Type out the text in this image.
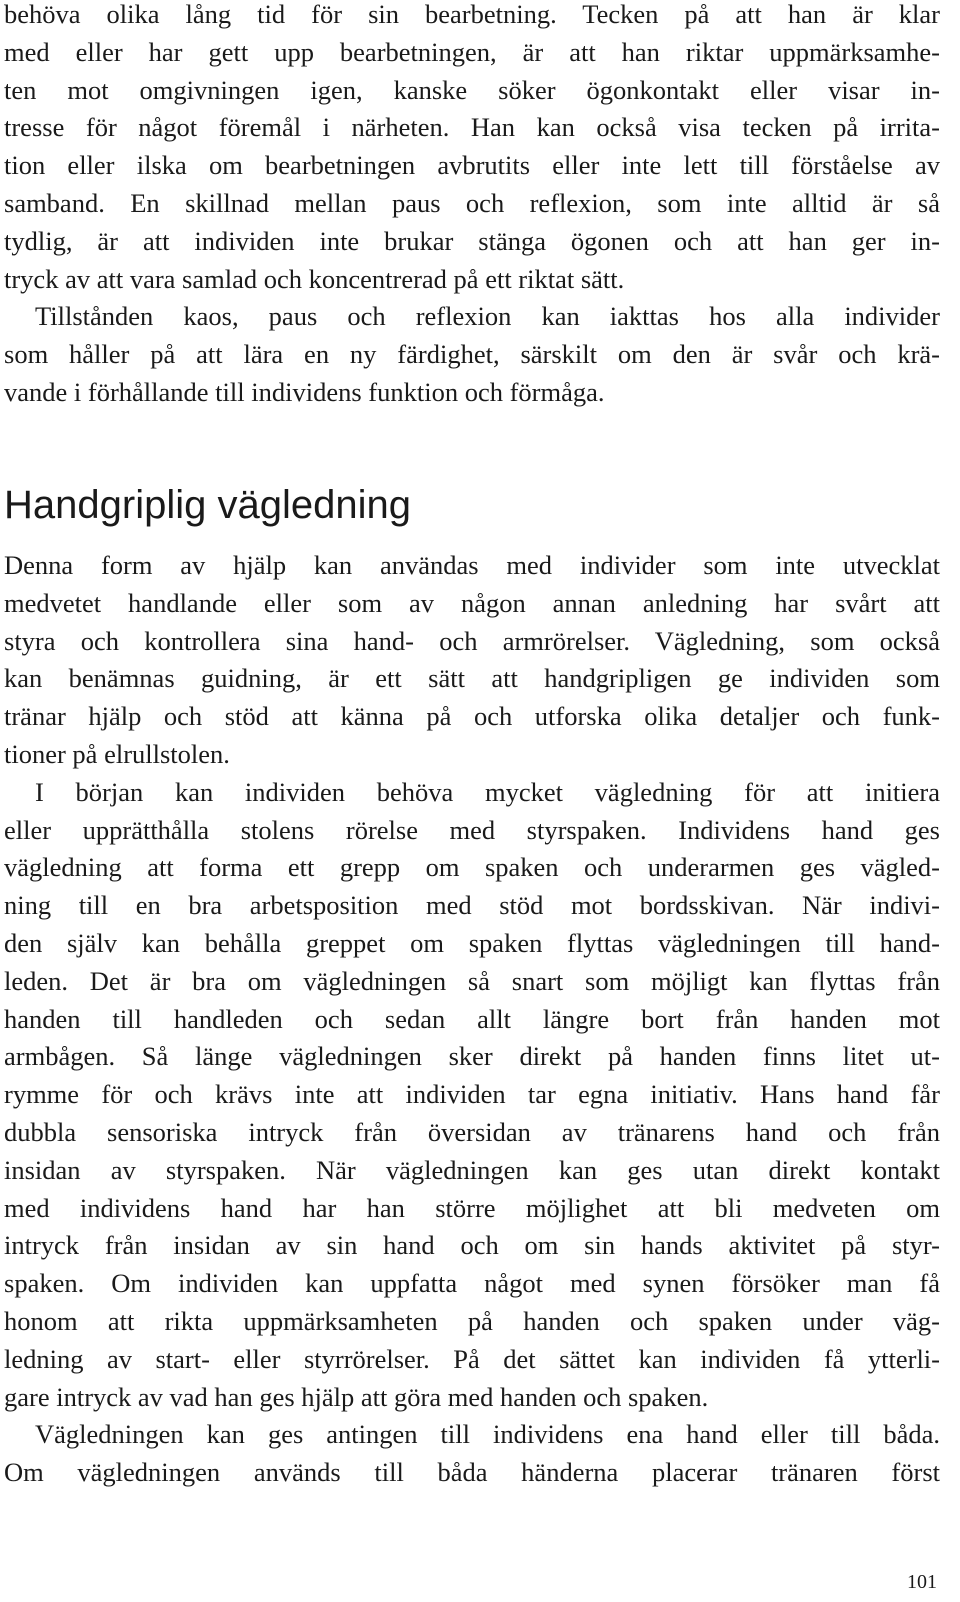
behöva olika lång tid för sin bearbetning. Tecken på att han är klar
med eller har gett upp bearbetningen, är att han riktar uppmärksamhe-
ten mot omgivningen igen, kanske söker ögonkontakt eller visar in-
tresse för något föremål i närheten. Han kan också visa tecken på irrita-
tion eller ilska om bearbetningen avbrutits eller inte lett till förståelse av
samband. En skillnad mellan paus och reflexion, som inte alltid är så
tydlig, är att individen inte brukar stänga ögonen och att han ger in-
tryck av att vara samlad och koncentrerad på ett riktat sätt.
Tillstånden kaos, paus och reflexion kan iakttas hos alla individer
som håller på att lära en ny färdighet, särskilt om den är svår och krä-
vande i förhållande till individens funktion och förmåga.
Handgriplig vägledning
Denna form av hjälp kan användas med individer som inte utvecklat
medvetet handlande eller som av någon annan anledning har svårt att
styra och kontrollera sina hand- och armrörelser. Vägledning, som också
kan benämnas guidning, är ett sätt att handgripligen ge individen som
tränar hjälp och stöd att känna på och utforska olika detaljer och funk-
tioner på elrullstolen.
I början kan individen behöva mycket vägledning för att initiera
eller upprätthålla stolens rörelse med styrspaken. Individens hand ges
vägledning att forma ett grepp om spaken och underarmen ges vägled-
ning till en bra arbetsposition med stöd mot bordsskivan. När indivi-
den själv kan behålla greppet om spaken flyttas vägledningen till hand-
leden. Det är bra om vägledningen så snart som möjligt kan flyttas från
handen till handleden och sedan allt längre bort från handen mot
armbågen. Så länge vägledningen sker direkt på handen finns litet ut-
rymme för och krävs inte att individen tar egna initiativ. Hans hand får
dubbla sensoriska intryck från översidan av tränarens hand och från
insidan av styrspaken. När vägledningen kan ges utan direkt kontakt
med individens hand har han större möjlighet att bli medveten om
intryck från insidan av sin hand och om sin hands aktivitet på styr-
spaken. Om individen kan uppfatta något med synen försöker man få
honom att rikta uppmärksamheten på handen och spaken under väg-
ledning av start- eller styrrörelser. På det sättet kan individen få ytterli-
gare intryck av vad han ges hjälp att göra med handen och spaken.
Vägledningen kan ges antingen till individens ena hand eller till båda.
Om vägledningen används till båda händerna placerar tränaren först
101
